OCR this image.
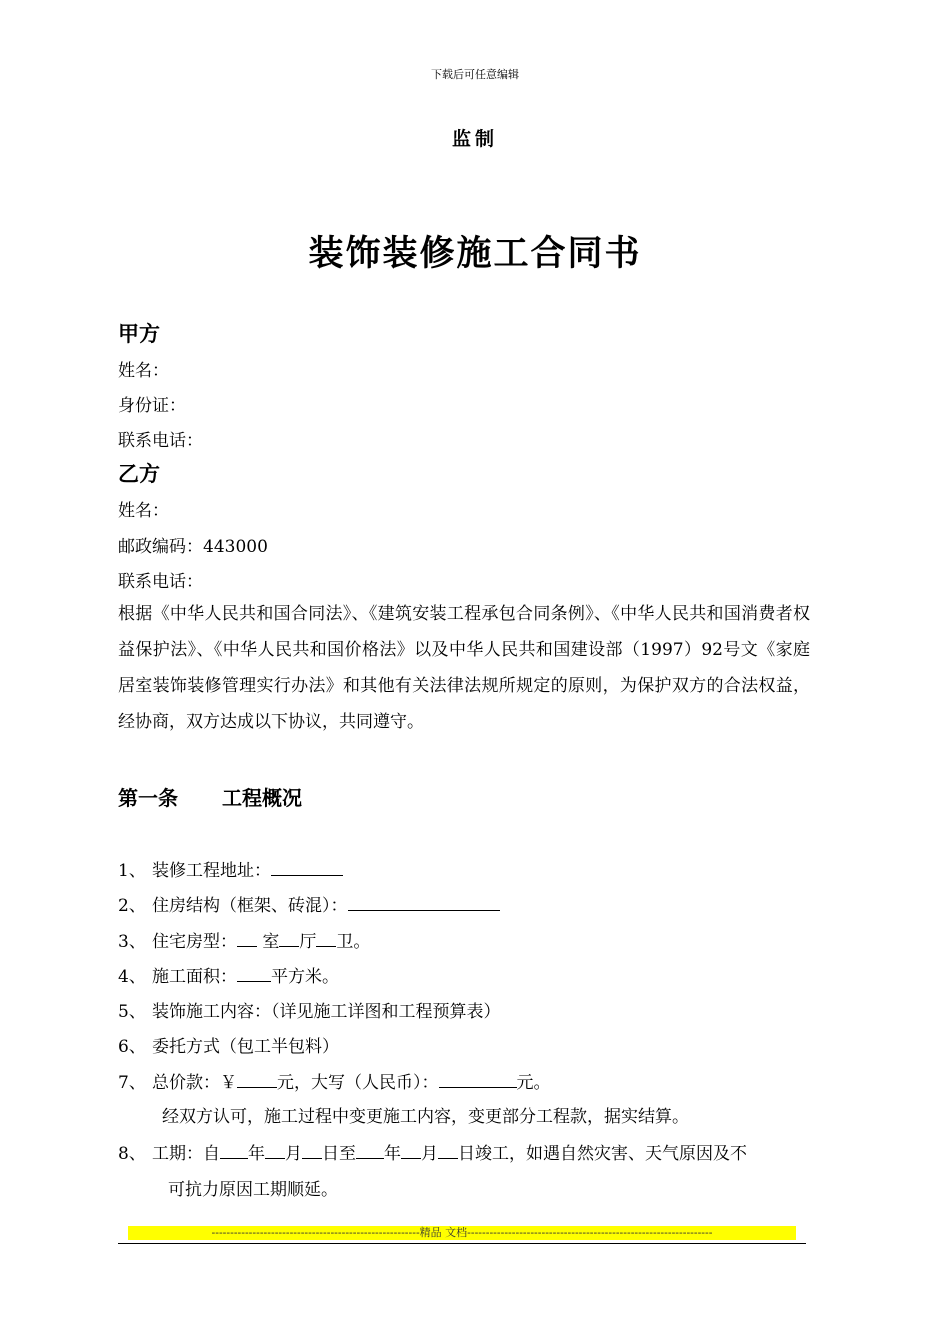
下载后可任意编辑
监制
装饰装修施工合同书
甲方
姓名：
身份证：
联系电话：
乙方
姓名：
邮政编码：443000
联系电话：
根据《中华人民共和国合同法》、《建筑安装工程承包合同条例》、《中华人民共和国消费者权益保护法》、《中华人民共和国价格法》以及中华人民共和国建设部（1997）92号文《家庭居室装饰装修管理实行办法》和其他有关法律法规所规定的原则，为保护双方的合法权益，经协商，双方达成以下协议，共同遵守。
第一条 工程概况
1、 装修工程地址：
2、 住房结构（框架、砖混）：
3、 住宅房型： 室 厅 卫。
4、 施工面积： 平方米。
5、 装饰施工内容：（详见施工详图和工程预算表）
6、 委托方式（包工半包料）
7、 总价款：￥ 元，大写（人民币）：	元。
经双方认可，施工过程中变更施工内容，变更部分工程款，据实结算。
8、 工期：自 年 月 日至 年 月 日竣工，如遇自然灾害、天气原因及不
可抗力原因工期顺延。
--------------------------------------------------------精品 文档------------------------------------------------------------------
